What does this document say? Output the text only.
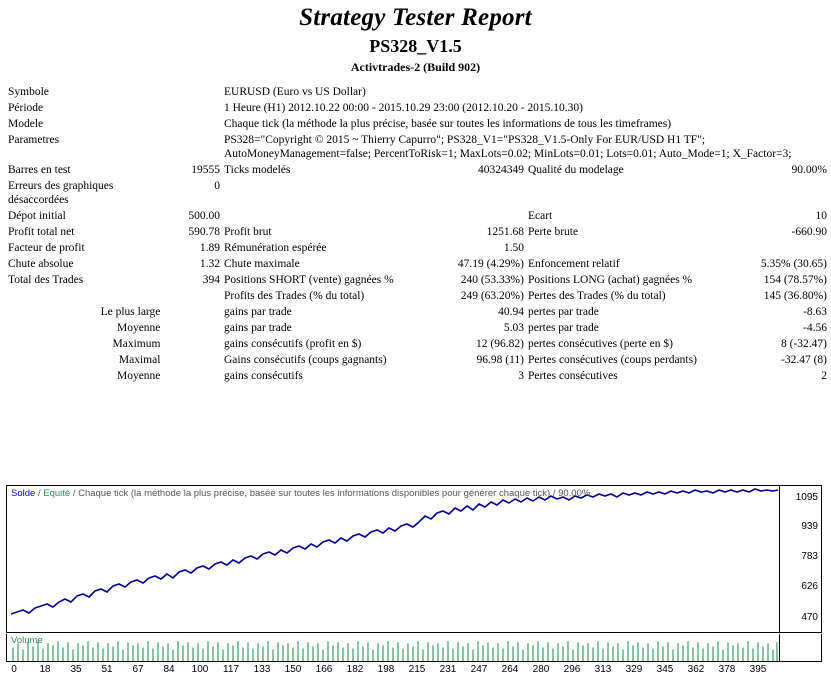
Strategy Tester Report
PS328_V1.5
Activtrades-2 (Build 902)
Symbole		EURUSD (Euro vs US Dollar)			
Période		1 Heure (H1) 2012.10.22 00:00 - 2015.10.29 23:00 (2012.10.20 - 2015.10.30)			
Modele		Chaque tick (la méthode la plus précise, basée sur toutes les informations de tous les timeframes)			
Parametres		PS328="Copyright © 2015 ~ Thierry Capurro"; PS328_V1="PS328_V1.5-Only For EUR/USD H1 TF"; AutoMoneyManagement=false; PercentToRisk=1; MaxLots=0.02; MinLots=0.01; Lots=0.01; Auto_Mode=1; X_Factor=3;			
Barres en test	19555	Ticks modelés	40324349	Qualité du modelage	90.00%
Erreurs des graphiques désaccordées	0				
Dépot initial	500.00			Ecart	10
Profit total net	590.78	Profit brut	1251.68	Perte brute	-660.90
Facteur de profit	1.89	Rémunération espérée	1.50		
Chute absolue	1.32	Chute maximale	47.19 (4.29%)	Enfoncement relatif	5.35% (30.65)
Total des Trades	394	Positions SHORT (vente) gagnées %	240 (53.33%)	Positions LONG (achat) gagnées %	154 (78.57%)
		Profits des Trades (% du total)	249 (63.20%)	Pertes des Trades (% du total)	145 (36.80%)
Le plus large		gains par trade	40.94	pertes par trade	-8.63
Moyenne		gains par trade	5.03	pertes par trade	-4.56
Maximum		gains consécutifs (profit en $)	12 (96.82)	pertes consécutives (perte en $)	8 (-32.47)
Maximal		Gains consécutifs (coups gagnants)	96.98 (11)	Pertes consécutives (coups perdants)	-32.47 (8)
Moyenne		gains consécutifs	3	Pertes consécutives	2
Solde / Equité / Chaque tick (la méthode la plus précise, basée sur toutes les informations disponibles pour générer chaque tick) / 90.00%	1095
939
783
626
470
Volume
0 18 35 51 67 84 100 117 133 150 166 182 198 215 231 247 264 280 296 313 329 345 362 378 395
